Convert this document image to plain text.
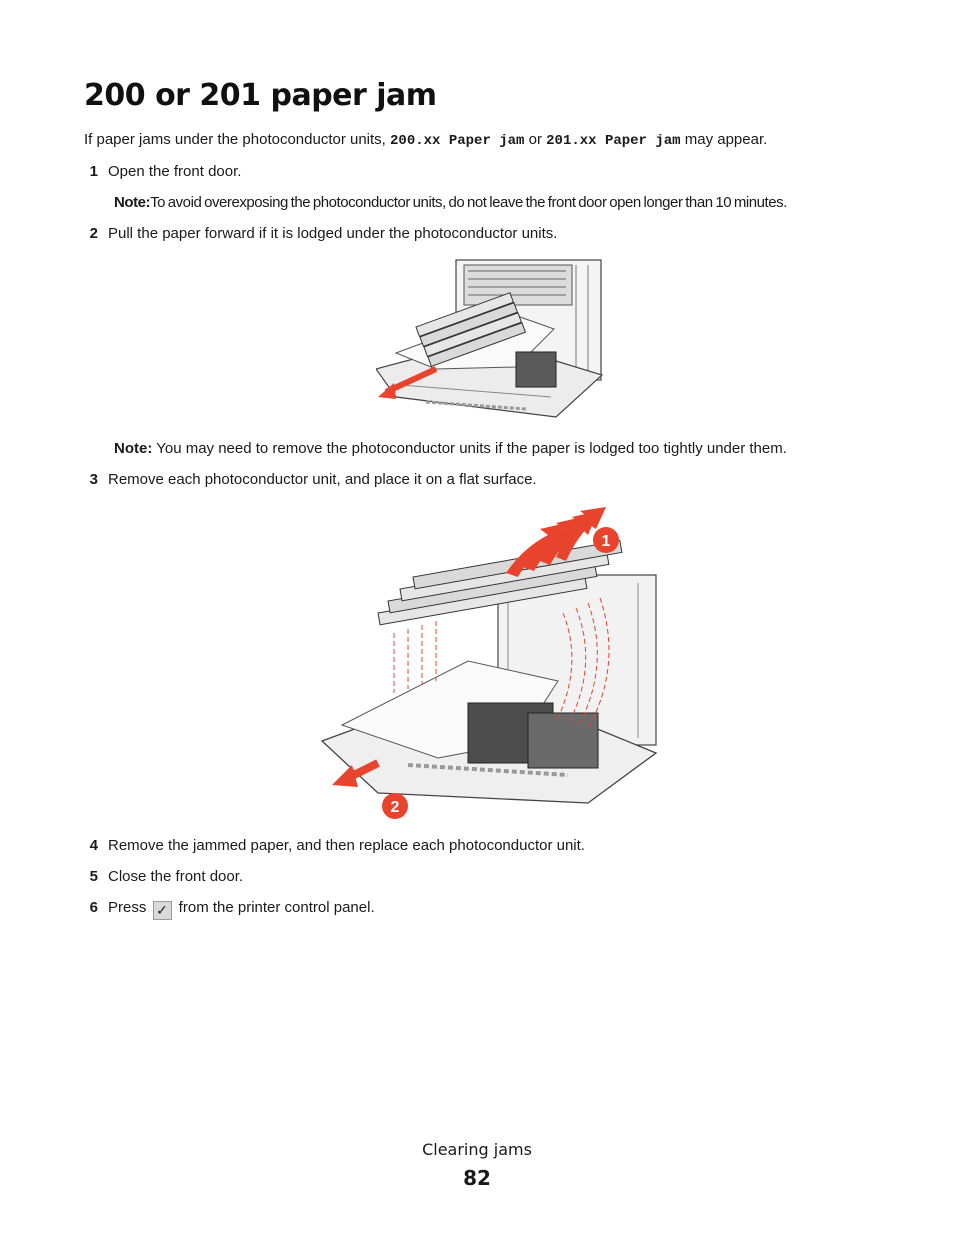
200 or 201 paper jam
If paper jams under the photoconductor units, 200.xx Paper jam or 201.xx Paper jam may appear.
1 Open the front door.
Note:To avoid overexposing the photoconductor units, do not leave the front door open longer than 10 minutes.
2 Pull the paper forward if it is lodged under the photoconductor units.
Note: You may need to remove the photoconductor units if the paper is lodged too tightly under them.
3 Remove each photoconductor unit, and place it on a flat surface.
1
2
4 Remove the jammed paper, and then replace each photoconductor unit.
5 Close the front door.
6 Press ✓ from the printer control panel.
Clearing jams
82
